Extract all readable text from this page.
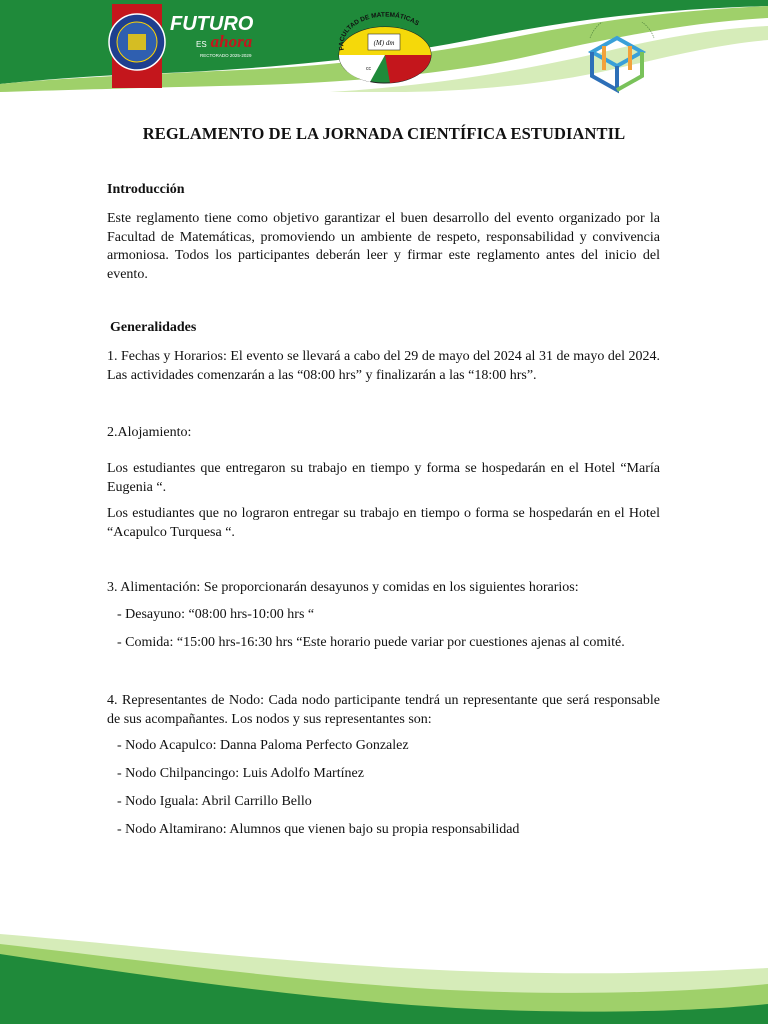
FUTURO
ES ahora
RECTORADO 2025-2029
(M) dm
cc
FACULTAD DE MATEMÁTICAS
REGLAMENTO DE LA JORNADA CIENTÍFICA ESTUDIANTIL
Introducción
Este reglamento tiene como objetivo garantizar el buen desarrollo del evento organizado por la Facultad de Matemáticas, promoviendo un ambiente de respeto, responsabilidad y convivencia armoniosa. Todos los participantes deberán leer y firmar este reglamento antes del inicio del evento.
Generalidades
1. Fechas y Horarios: El evento se llevará a cabo del 29 de mayo del 2024 al 31 de mayo del 2024. Las actividades comenzarán a las “08:00 hrs” y finalizarán a las “18:00 hrs”.
2.Alojamiento:
Los estudiantes que entregaron su trabajo en tiempo y forma se hospedarán en el Hotel “María Eugenia “.
Los estudiantes que no lograron entregar su trabajo en tiempo o forma se hospedarán en el Hotel “Acapulco Turquesa “.
3. Alimentación: Se proporcionarán desayunos y comidas en los siguientes horarios:
- Desayuno: “08:00 hrs-10:00 hrs “
- Comida: “15:00 hrs-16:30 hrs “Este horario puede variar por cuestiones ajenas al comité.
4. Representantes de Nodo: Cada nodo participante tendrá un representante que será responsable de sus acompañantes. Los nodos y sus representantes son:
- Nodo Acapulco: Danna Paloma Perfecto Gonzalez
- Nodo Chilpancingo: Luis Adolfo Martínez
- Nodo Iguala: Abril Carrillo Bello
- Nodo Altamirano: Alumnos que vienen bajo su propia responsabilidad
